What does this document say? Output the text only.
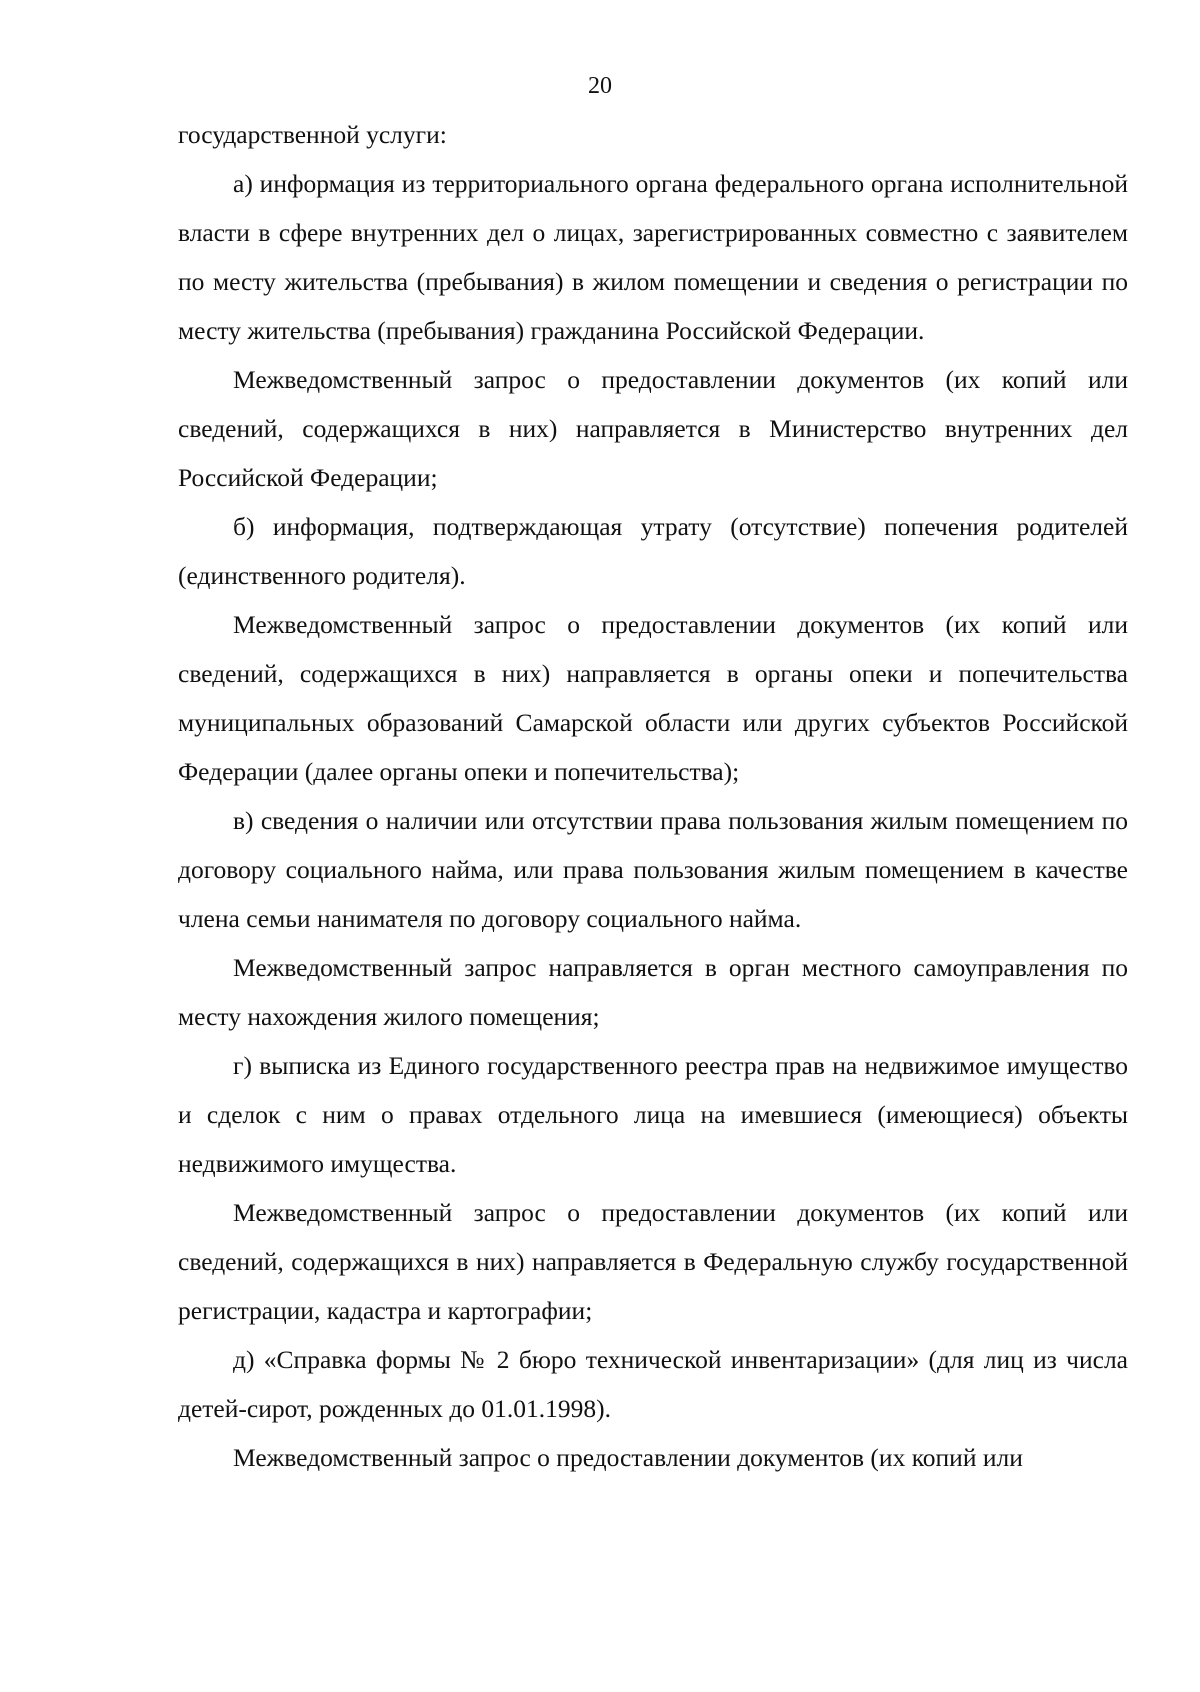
20

государственной услуги:

а) информация из территориального органа федерального органа исполнительной власти в сфере внутренних дел о лицах, зарегистрированных совместно с заявителем по месту жительства (пребывания) в жилом помещении и сведения о регистрации по месту жительства (пребывания) гражданина Российской Федерации.

Межведомственный запрос о предоставлении документов (их копий или сведений, содержащихся в них) направляется в Министерство внутренних дел Российской Федерации;

б) информация, подтверждающая утрату (отсутствие) попечения родителей (единственного родителя).

Межведомственный запрос о предоставлении документов (их копий или сведений, содержащихся в них) направляется в органы опеки и попечительства муниципальных образований Самарской области или других субъектов Российской Федерации (далее органы опеки и попечительства);

в) сведения о наличии или отсутствии права пользования жилым помещением по договору социального найма, или права пользования жилым помещением в качестве члена семьи нанимателя по договору социального найма.

Межведомственный запрос направляется в орган местного самоуправления по месту нахождения жилого помещения;

г) выписка из Единого государственного реестра прав на недвижимое имущество и сделок с ним о правах отдельного лица на имевшиеся (имеющиеся) объекты недвижимого имущества.

Межведомственный запрос о предоставлении документов (их копий или сведений, содержащихся в них) направляется в Федеральную службу государственной регистрации, кадастра и картографии;

д) «Справка формы № 2 бюро технической инвентаризации» (для лиц из числа детей-сирот, рожденных до 01.01.1998).

Межведомственный запрос о предоставлении документов (их копий или
